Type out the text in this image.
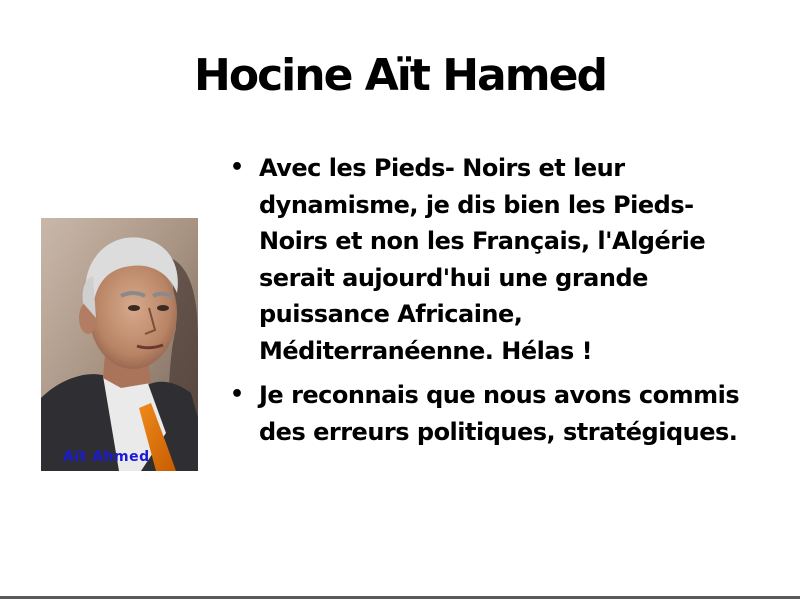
Hocine Aït Hamed
Aït Ahmed
• Avec les Pieds- Noirs et leur dynamisme, je dis bien les Pieds- Noirs et non les Français, l'Algérie serait aujourd'hui une grande puissance Africaine, Méditerranéenne. Hélas !
• Je reconnais que nous avons commis des erreurs politiques, stratégiques.
